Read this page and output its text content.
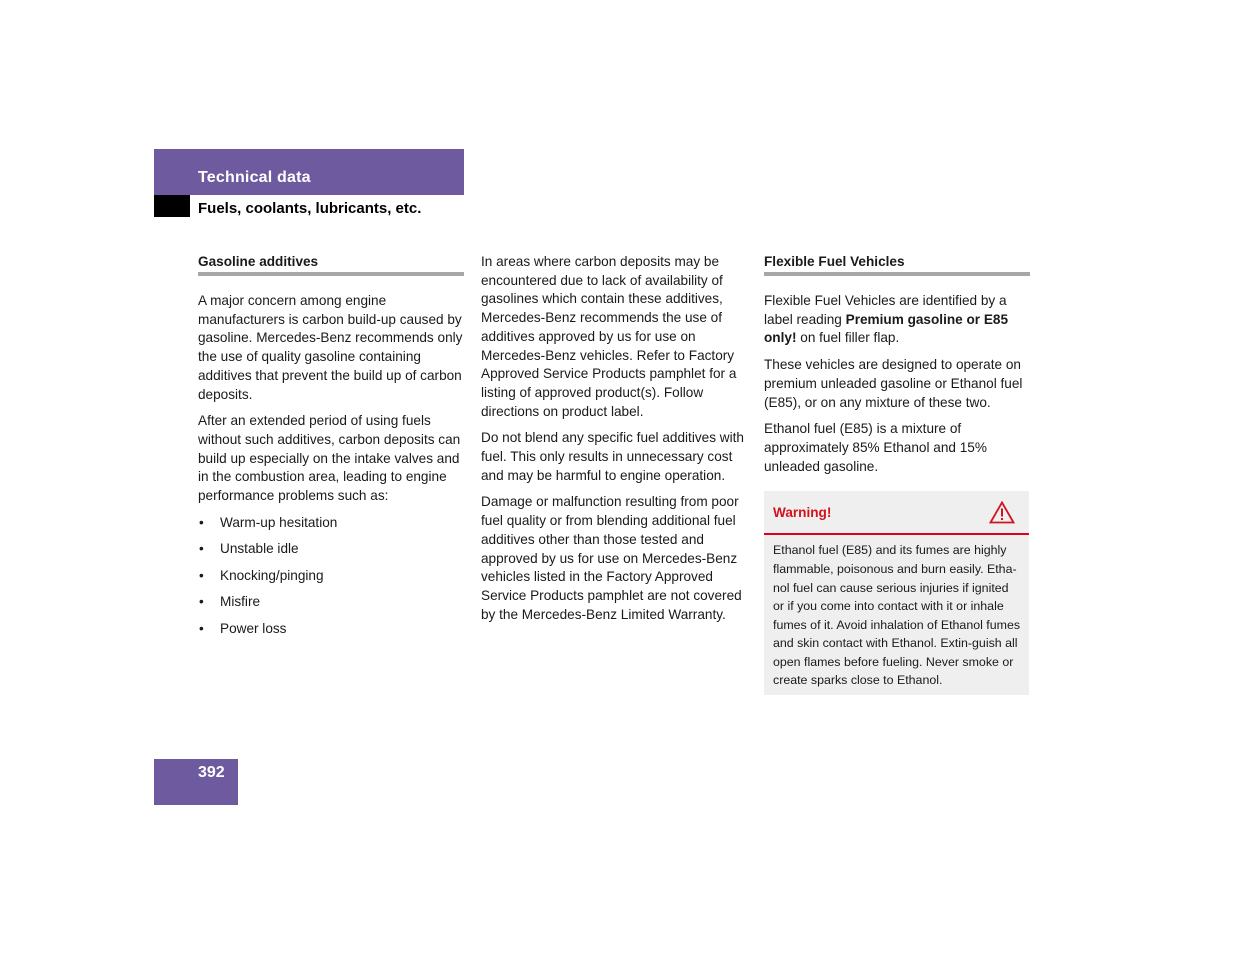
Technical data
Fuels, coolants, lubricants, etc.
Gasoline additives

A major concern among engine manufacturers is carbon build-up caused by gasoline. Mercedes-Benz recommends only the use of quality gasoline containing additives that prevent the build up of carbon deposits.

After an extended period of using fuels without such additives, carbon deposits can build up especially on the intake valves and in the combustion area, leading to engine performance problems such as:

• Warm-up hesitation
• Unstable idle
• Knocking/pinging
• Misfire
• Power loss

In areas where carbon deposits may be encountered due to lack of availability of gasolines which contain these additives, Mercedes-Benz recommends the use of additives approved by us for use on Mercedes-Benz vehicles. Refer to Factory Approved Service Products pamphlet for a listing of approved product(s). Follow directions on product label.

Do not blend any specific fuel additives with fuel. This only results in unnecessary cost and may be harmful to engine operation.

Damage or malfunction resulting from poor fuel quality or from blending additional fuel additives other than those tested and approved by us for use on Mercedes-Benz vehicles listed in the Factory Approved Service Products pamphlet are not covered by the Mercedes-Benz Limited Warranty.

Flexible Fuel Vehicles

Flexible Fuel Vehicles are identified by a label reading Premium gasoline or E85 only! on fuel filler flap.

These vehicles are designed to operate on premium unleaded gasoline or Ethanol fuel (E85), or on any mixture of these two.

Ethanol fuel (E85) is a mixture of approximately 85% Ethanol and 15% unleaded gasoline.

Warning!
Ethanol fuel (E85) and its fumes are highly flammable, poisonous and burn easily. Etha-nol fuel can cause serious injuries if ignited or if you come into contact with it or inhale fumes of it. Avoid inhalation of Ethanol fumes and skin contact with Ethanol. Extin-guish all open flames before fueling. Never smoke or create sparks close to Ethanol.
392
